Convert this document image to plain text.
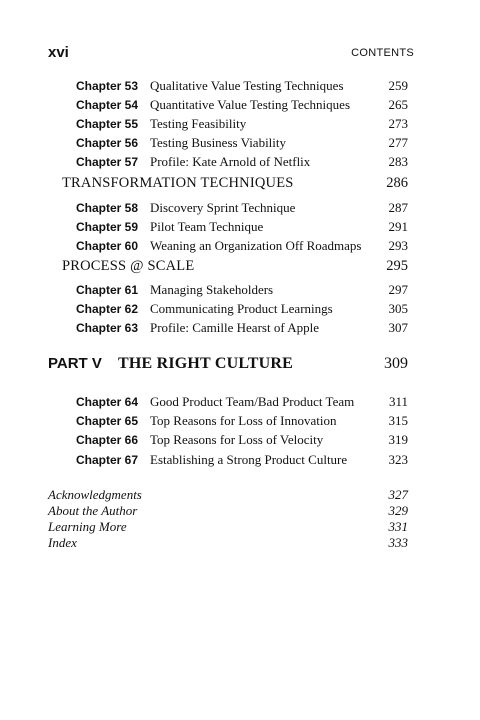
xvi	CONTENTS
Chapter 53 Qualitative Value Testing Techniques	259
Chapter 54 Quantitative Value Testing Techniques	265
Chapter 55 Testing Feasibility	273
Chapter 56 Testing Business Viability	277
Chapter 57 Profile: Kate Arnold of Netflix	283
TRANSFORMATION TECHNIQUES	286
Chapter 58 Discovery Sprint Technique	287
Chapter 59 Pilot Team Technique	291
Chapter 60 Weaning an Organization Off Roadmaps 293
PROCESS @ SCALE	295
Chapter 61 Managing Stakeholders	297
Chapter 62 Communicating Product Learnings	305
Chapter 63 Profile: Camille Hearst of Apple	307
PART V THE RIGHT CULTURE	309
Chapter 64 Good Product Team/Bad Product Team	311
Chapter 65 Top Reasons for Loss of Innovation	315
Chapter 66 Top Reasons for Loss of Velocity	319
Chapter 67 Establishing a Strong Product Culture	323
Acknowledgments	327
About the Author	329
Learning More	331
Index	333
